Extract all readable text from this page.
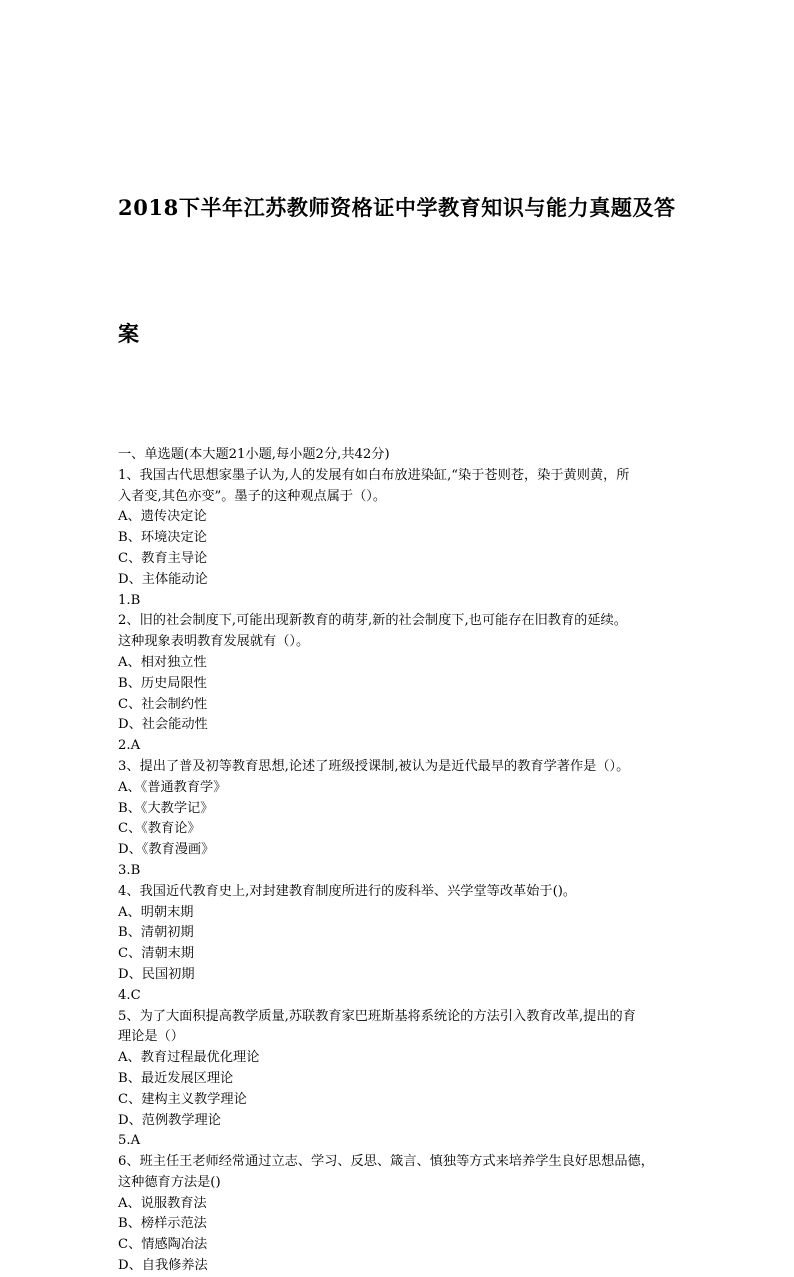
2018下半年江苏教师资格证中学教育知识与能力真题及答

案

一、单选题(本大题21小题,每小题2分,共42分)
1、我国古代思想家墨子认为,人的发展有如白布放进染缸,“染于苍则苍，染于黄则黄，所
入者变,其色亦变”。墨子的这种观点属于（）。
A、遗传决定论
B、环境决定论
C、教育主导论
D、主体能动论
1.B
2、旧的社会制度下,可能出现新教育的萌芽,新的社会制度下,也可能存在旧教育的延续。
这种现象表明教育发展就有（）。
A、相对独立性
B、历史局限性
C、社会制约性
D、社会能动性
2.A
3、提出了普及初等教育思想,论述了班级授课制,被认为是近代最早的教育学著作是（）。
A、《普通教育学》
B、《大教学记》
C、《教育论》
D、《教育漫画》
3.B
4、我国近代教育史上,对封建教育制度所进行的废科举、兴学堂等改革始于()。
A、明朝末期
B、清朝初期
C、清朝末期
D、民国初期
4.C
5、为了大面积提高教学质量,苏联教育家巴班斯基将系统论的方法引入教育改革,提出的育
理论是（）
A、教育过程最优化理论
B、最近发展区理论
C、建构主义教学理论
D、范例教学理论
5.A
6、班主任王老师经常通过立志、学习、反思、箴言、慎独等方式来培养学生良好思想品德，
这种德育方法是()
A、说服教育法
B、榜样示范法
C、情感陶冶法
D、自我修养法
